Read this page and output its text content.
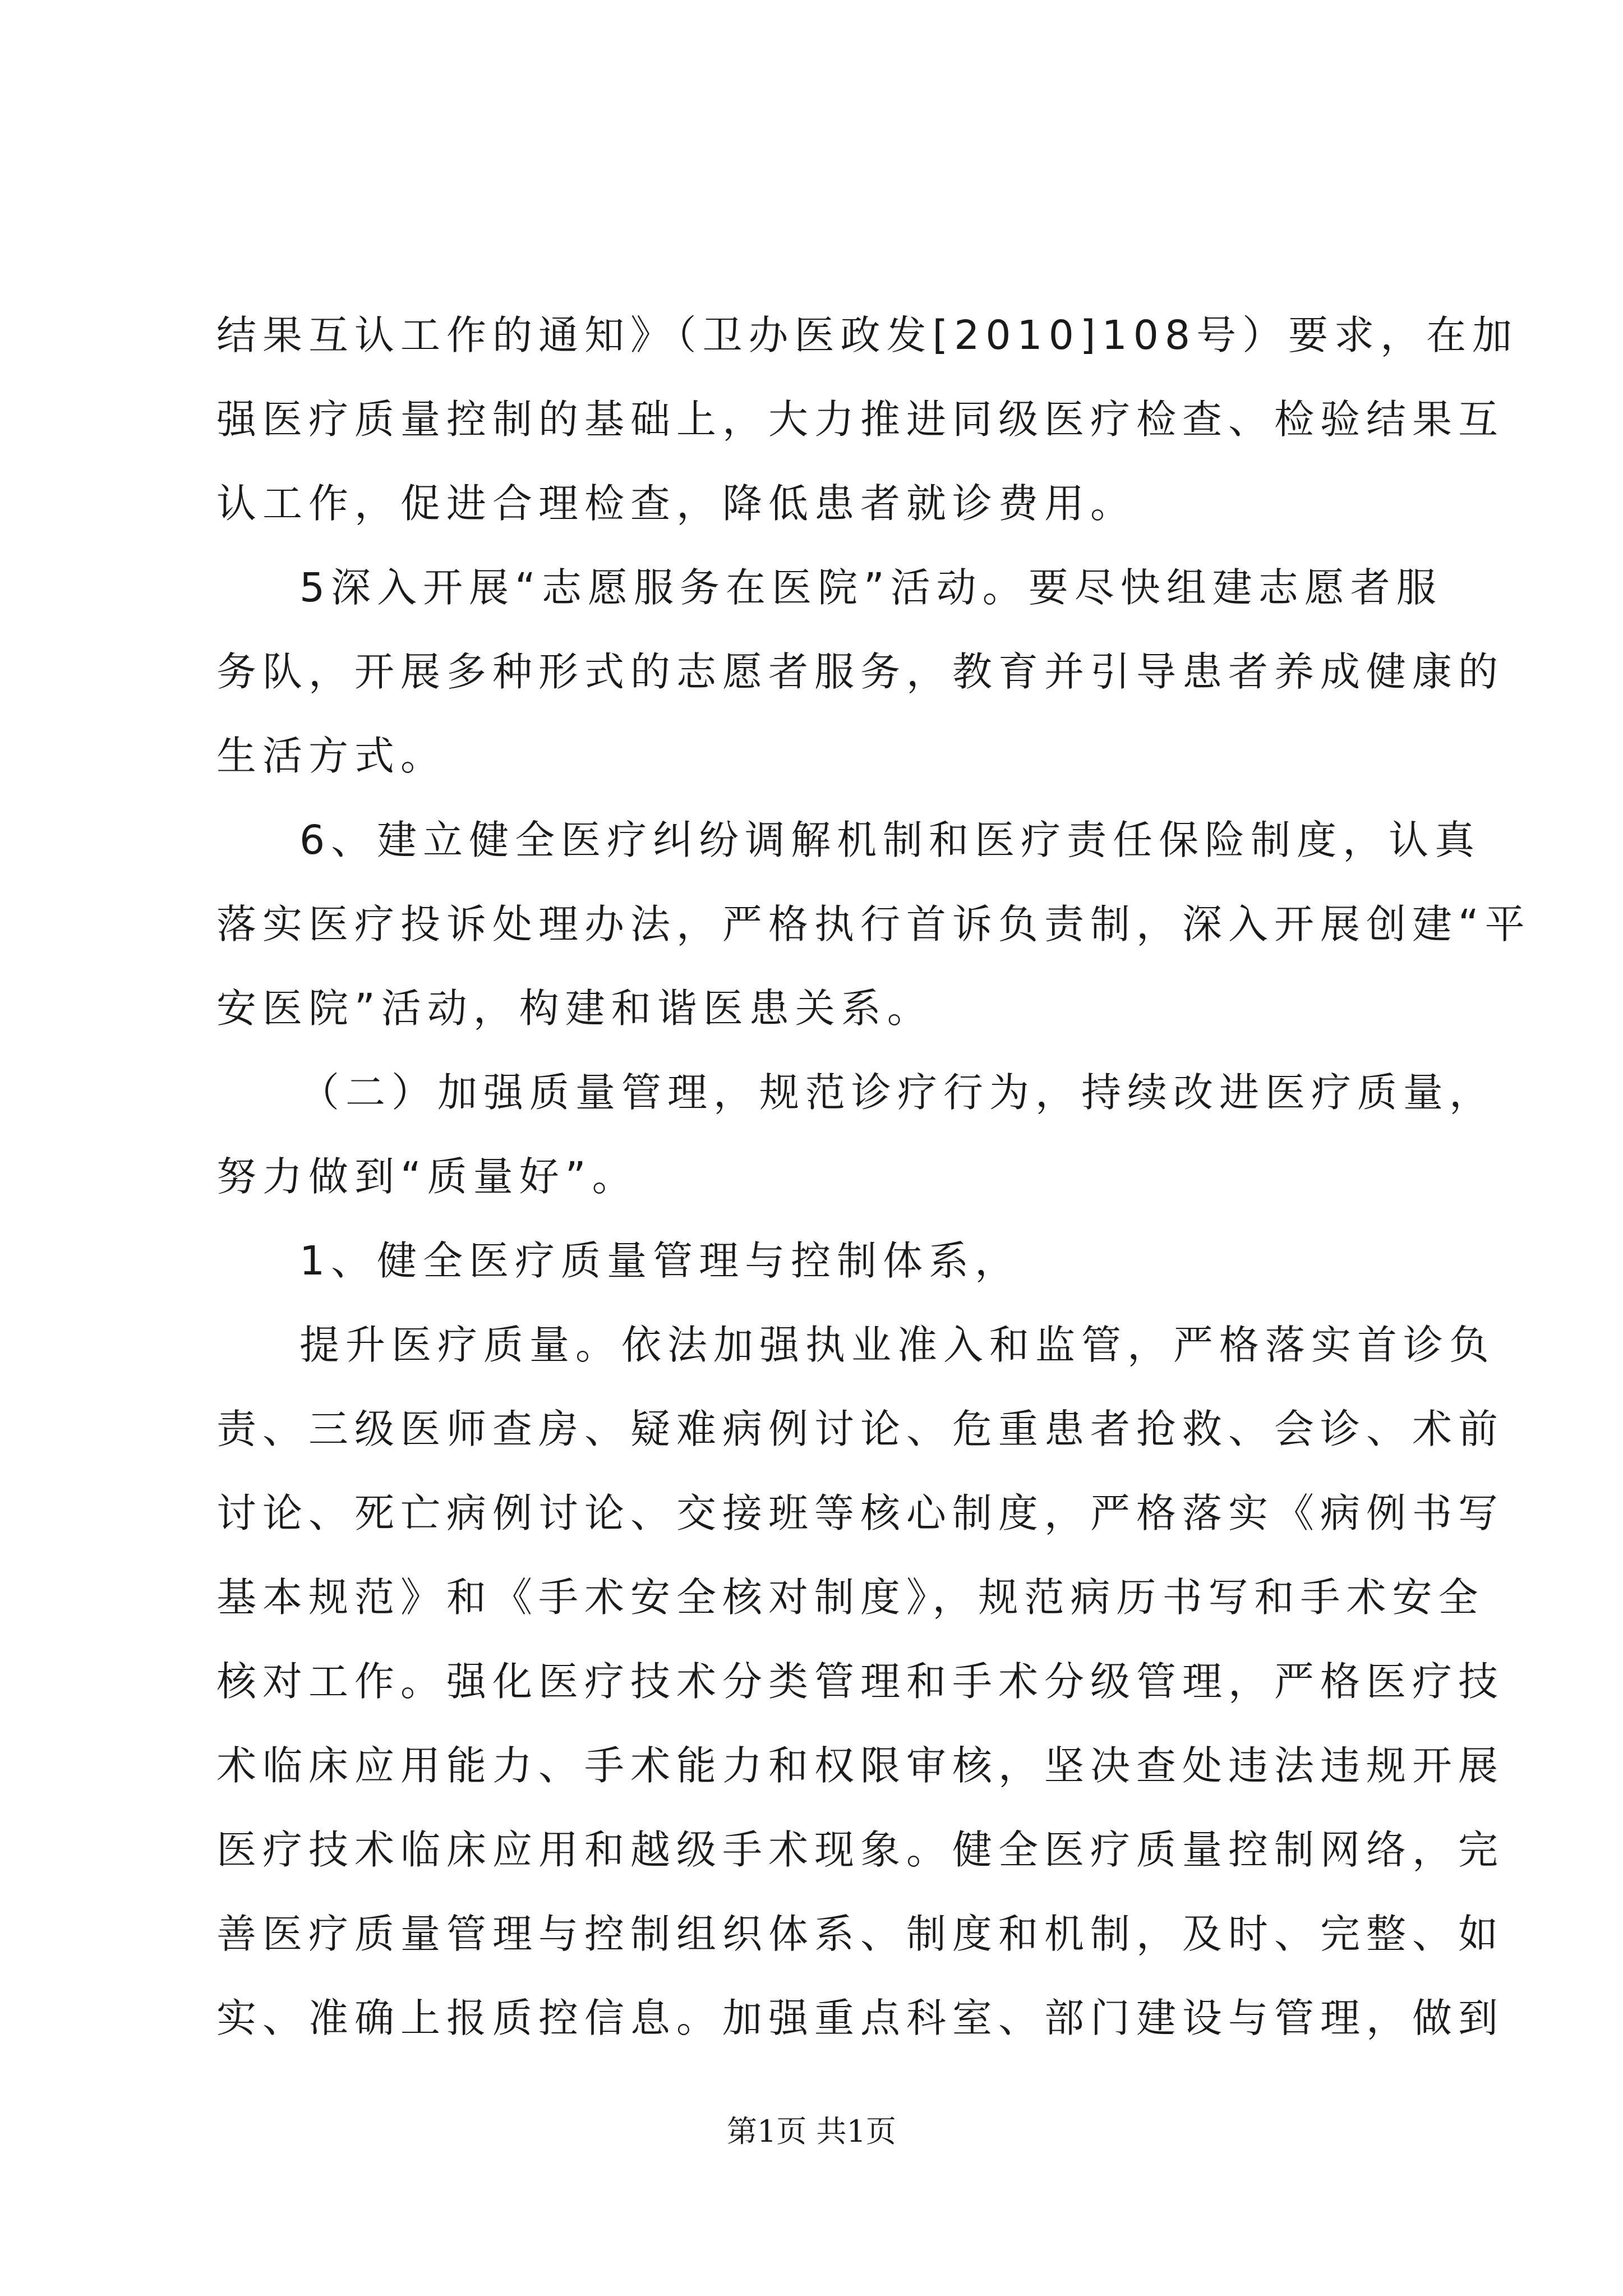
结果互认工作的通知》（卫办医政发[2010]108号）要求，在加
强医疗质量控制的基础上，大力推进同级医疗检查、检验结果互
认工作，促进合理检查，降低患者就诊费用。
5深入开展“志愿服务在医院”活动。要尽快组建志愿者服
务队，开展多种形式的志愿者服务，教育并引导患者养成健康的
生活方式。
6、建立健全医疗纠纷调解机制和医疗责任保险制度，认真
落实医疗投诉处理办法，严格执行首诉负责制，深入开展创建“平
安医院”活动，构建和谐医患关系。
（二）加强质量管理，规范诊疗行为，持续改进医疗质量，
努力做到“质量好”。
1、健全医疗质量管理与控制体系，
提升医疗质量。依法加强执业准入和监管，严格落实首诊负
责、三级医师查房、疑难病例讨论、危重患者抢救、会诊、术前
讨论、死亡病例讨论、交接班等核心制度，严格落实《病例书写
基本规范》和《手术安全核对制度》，规范病历书写和手术安全
核对工作。强化医疗技术分类管理和手术分级管理，严格医疗技
术临床应用能力、手术能力和权限审核，坚决查处违法违规开展
医疗技术临床应用和越级手术现象。健全医疗质量控制网络，完
善医疗质量管理与控制组织体系、制度和机制，及时、完整、如
实、准确上报质控信息。加强重点科室、部门建设与管理，做到
第1页 共1页
